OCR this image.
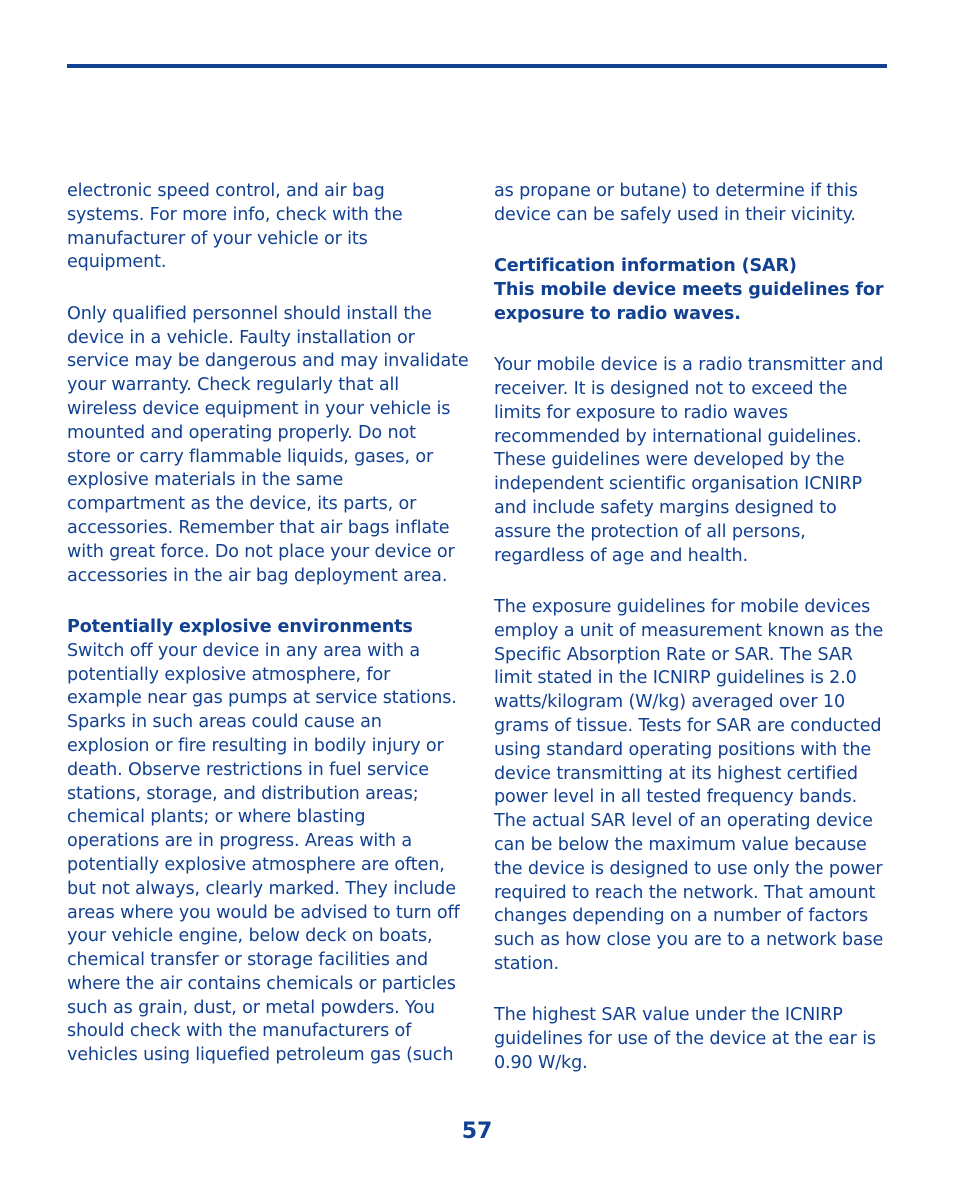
electronic speed control, and air bag
systems. For more info, check with the
manufacturer of your vehicle or its
equipment.
Only qualified personnel should install the
device in a vehicle. Faulty installation or
service may be dangerous and may invalidate
your warranty. Check regularly that all
wireless device equipment in your vehicle is
mounted and operating properly. Do not
store or carry flammable liquids, gases, or
explosive materials in the same
compartment as the device, its parts, or
accessories. Remember that air bags inflate
with great force. Do not place your device or
accessories in the air bag deployment area.
Potentially explosive environments
Switch off your device in any area with a
potentially explosive atmosphere, for
example near gas pumps at service stations.
Sparks in such areas could cause an
explosion or fire resulting in bodily injury or
death. Observe restrictions in fuel service
stations, storage, and distribution areas;
chemical plants; or where blasting
operations are in progress. Areas with a
potentially explosive atmosphere are often,
but not always, clearly marked. They include
areas where you would be advised to turn off
your vehicle engine, below deck on boats,
chemical transfer or storage facilities and
where the air contains chemicals or particles
such as grain, dust, or metal powders. You
should check with the manufacturers of
vehicles using liquefied petroleum gas (such
as propane or butane) to determine if this
device can be safely used in their vicinity.
Certification information (SAR)
This mobile device meets guidelines for
exposure to radio waves.
Your mobile device is a radio transmitter and
receiver. It is designed not to exceed the
limits for exposure to radio waves
recommended by international guidelines.
These guidelines were developed by the
independent scientific organisation ICNIRP
and include safety margins designed to
assure the protection of all persons,
regardless of age and health.
The exposure guidelines for mobile devices
employ a unit of measurement known as the
Specific Absorption Rate or SAR. The SAR
limit stated in the ICNIRP guidelines is 2.0
watts/kilogram (W/kg) averaged over 10
grams of tissue. Tests for SAR are conducted
using standard operating positions with the
device transmitting at its highest certified
power level in all tested frequency bands.
The actual SAR level of an operating device
can be below the maximum value because
the device is designed to use only the power
required to reach the network. That amount
changes depending on a number of factors
such as how close you are to a network base
station.
The highest SAR value under the ICNIRP
guidelines for use of the device at the ear is
0.90 W/kg.
57
